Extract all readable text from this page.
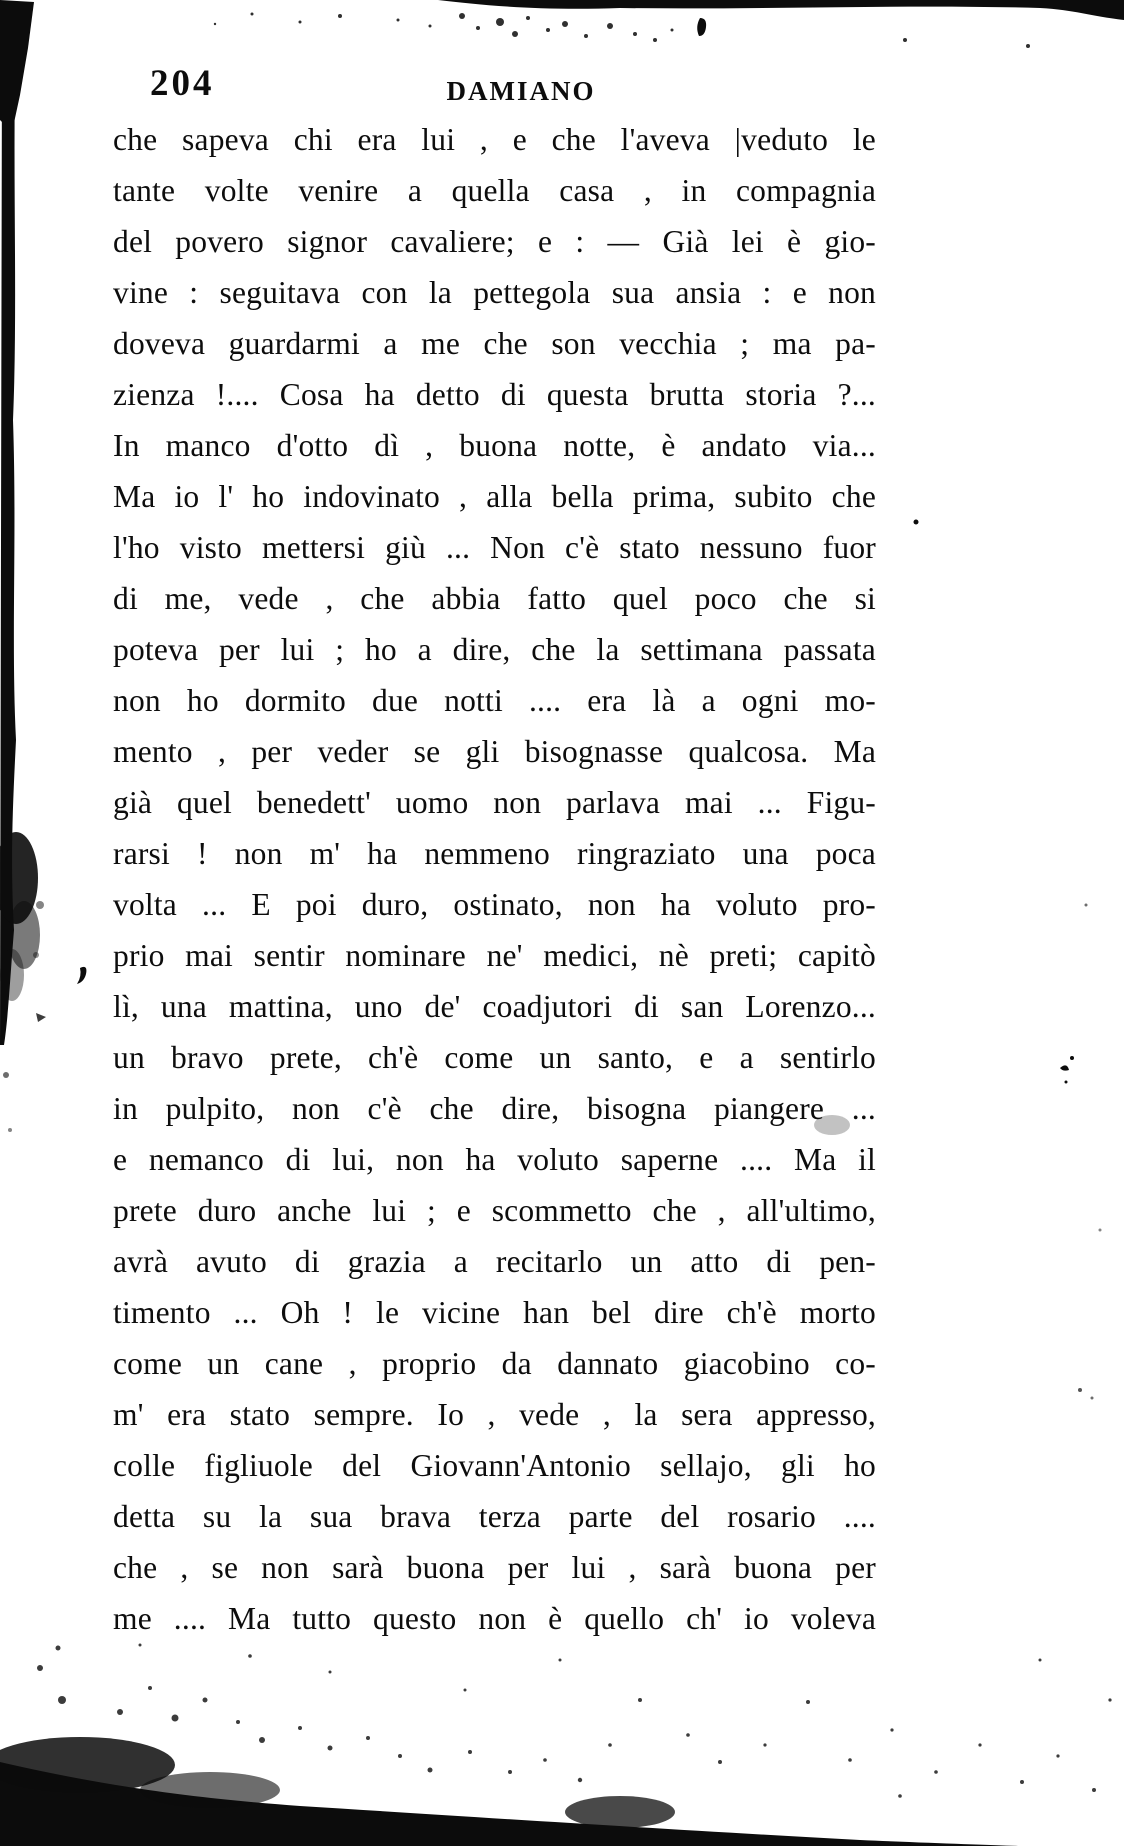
204	DAMIANO
che sapeva chi era lui , e che l'aveva |veduto le
tante volte venire a quella casa , in compagnia
del povero signor cavaliere; e : — Già lei è gio-
vine : seguitava con la pettegola sua ansia : e non
doveva guardarmi a me che son vecchia ; ma pa-
zienza !.... Cosa ha detto di questa brutta storia ?...
In manco d'otto dì , buona notte, è andato via...
Ma io l' ho indovinato , alla bella prima, subito che
l'ho visto mettersi giù ... Non c'è stato nessuno fuor
di me, vede , che abbia fatto quel poco che si
poteva per lui ; ho a dire, che la settimana passata
non ho dormito due notti .... era là a ogni mo-
mento , per veder se gli bisognasse qualcosa. Ma
già quel benedett' uomo non parlava mai ... Figu-
rarsi ! non m' ha nemmeno ringraziato una poca
volta ... E poi duro, ostinato, non ha voluto pro-
prio mai sentir nominare ne' medici, nè preti; capitò
lì, una mattina, uno de' coadjutori di san Lorenzo...
un bravo prete, ch'è come un santo, e a sentirlo
in pulpito, non c'è che dire, bisogna piangere ...
e nemanco di lui, non ha voluto saperne .... Ma il
prete duro anche lui ; e scommetto che , all'ultimo,
avrà avuto di grazia a recitarlo un atto di pen-
timento ... Oh ! le vicine han bel dire ch'è morto
come un cane , proprio da dannato giacobino co-
m' era stato sempre. Io , vede , la sera appresso,
colle figliuole del Giovann'Antonio sellajo, gli ho
detta su la sua brava terza parte del rosario ....
che , se non sarà buona per lui , sarà buona per
me .... Ma tutto questo non è quello ch' io voleva
